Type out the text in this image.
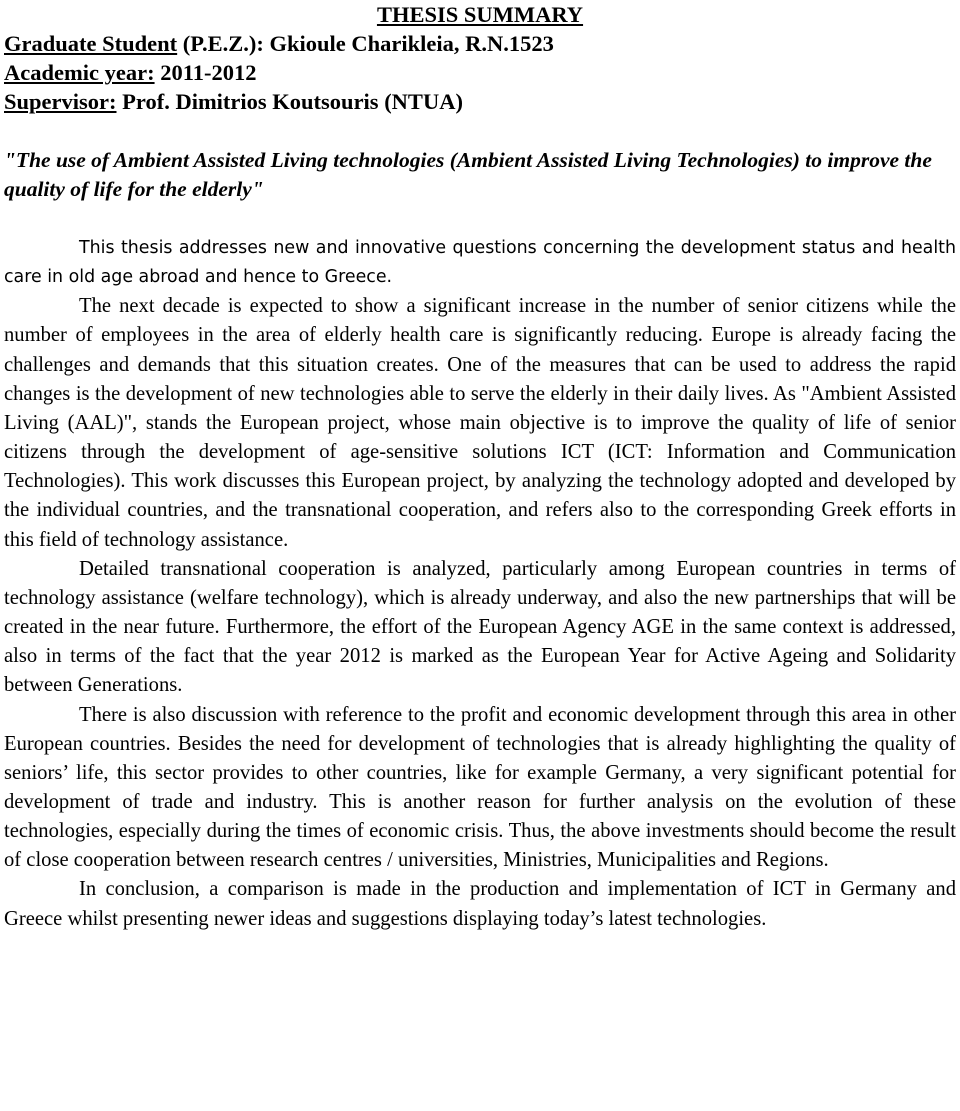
THESIS SUMMARY

Graduate Student (P.E.Z.): Gkioule Charikleia, R.N.1523

Academic year: 2011-2012

Supervisor: Prof. Dimitrios Koutsouris (NTUA)

"The use of Ambient Assisted Living technologies (Ambient Assisted Living Technologies) to improve the quality of life for the elderly"

This thesis addresses new and innovative questions concerning the development status and health care in old age abroad and hence to Greece.

The next decade is expected to show a significant increase in the number of senior citizens while the number of employees in the area of elderly health care is significantly reducing. Europe is already facing the challenges and demands that this situation creates. One of the measures that can be used to address the rapid changes is the development of new technologies able to serve the elderly in their daily lives. As "Ambient Assisted Living (AAL)", stands the European project, whose main objective is to improve the quality of life of senior citizens through the development of age-sensitive solutions ICT (ICT: Information and Communication Technologies). This work discusses this European project, by analyzing the technology adopted and developed by the individual countries, and the transnational cooperation, and refers also to the corresponding Greek efforts in this field of technology assistance.

Detailed transnational cooperation is analyzed, particularly among European countries in terms of technology assistance (welfare technology), which is already underway, and also the new partnerships that will be created in the near future. Furthermore, the effort of the European Agency AGE in the same context is addressed, also in terms of the fact that the year 2012 is marked as the European Year for Active Ageing and Solidarity between Generations.

There is also discussion with reference to the profit and economic development through this area in other European countries. Besides the need for development of technologies that is already highlighting the quality of seniors’ life, this sector provides to other countries, like for example Germany, a very significant potential for development of trade and industry. This is another reason for further analysis on the evolution of these technologies, especially during the times of economic crisis. Thus, the above investments should become the result of close cooperation between research centres / universities, Ministries, Municipalities and Regions.

In conclusion, a comparison is made in the production and implementation of ICT in Germany and Greece whilst presenting newer ideas and suggestions displaying today’s latest technologies.
